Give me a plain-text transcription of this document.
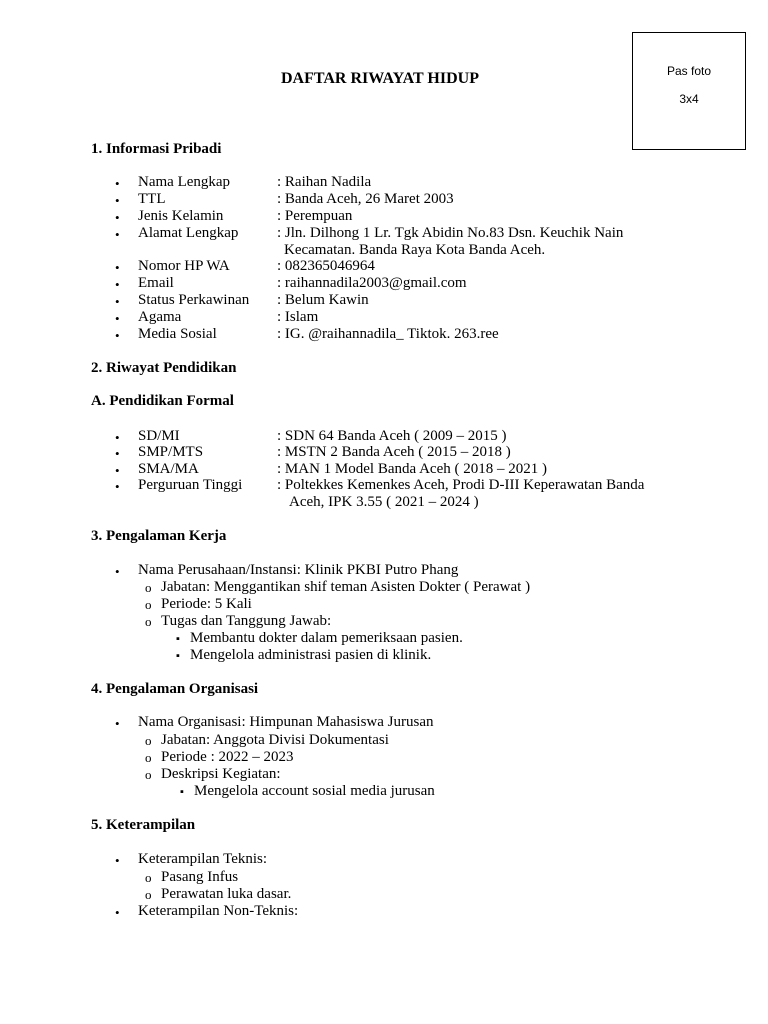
Pas foto
3x4
DAFTAR RIWAYAT HIDUP
1. Informasi Pribadi
• Nama Lengkap	: Raihan Nadila
• TTL	: Banda Aceh, 26 Maret 2003
• Jenis Kelamin	: Perempuan
• Alamat Lengkap	: Jln. Dilhong 1 Lr. Tgk Abidin No.83 Dsn. Keuchik Nain
Kecamatan. Banda Raya Kota Banda Aceh.
• Nomor HP WA	: 082365046964
• Email	: raihannadila2003@gmail.com
• Status Perkawinan : Belum Kawin
• Agama	: Islam
• Media Sosial	: IG. @raihannadila_ Tiktok. 263.ree
2. Riwayat Pendidikan
A. Pendidikan Formal
• SD/MI	: SDN 64 Banda Aceh ( 2009 – 2015 )
• SMP/MTS	: MSTN 2 Banda Aceh ( 2015 – 2018 )
• SMA/MA	: MAN 1 Model Banda Aceh ( 2018 – 2021 )
• Perguruan Tinggi : Poltekkes Kemenkes Aceh, Prodi D-III Keperawatan Banda
Aceh, IPK 3.55 ( 2021 – 2024 )
3. Pengalaman Kerja
• Nama Perusahaan/Instansi: Klinik PKBI Putro Phang
o Jabatan: Menggantikan shif teman Asisten Dokter ( Perawat )
o Periode: 5 Kali
o Tugas dan Tanggung Jawab:
▪ Membantu dokter dalam pemeriksaan pasien.
▪ Mengelola administrasi pasien di klinik.
4. Pengalaman Organisasi
• Nama Organisasi: Himpunan Mahasiswa Jurusan
o Jabatan: Anggota Divisi Dokumentasi
o Periode : 2022 – 2023
o Deskripsi Kegiatan:
▪ Mengelola account sosial media jurusan
5. Keterampilan
• Keterampilan Teknis:
o Pasang Infus
o Perawatan luka dasar.
• Keterampilan Non-Teknis:
